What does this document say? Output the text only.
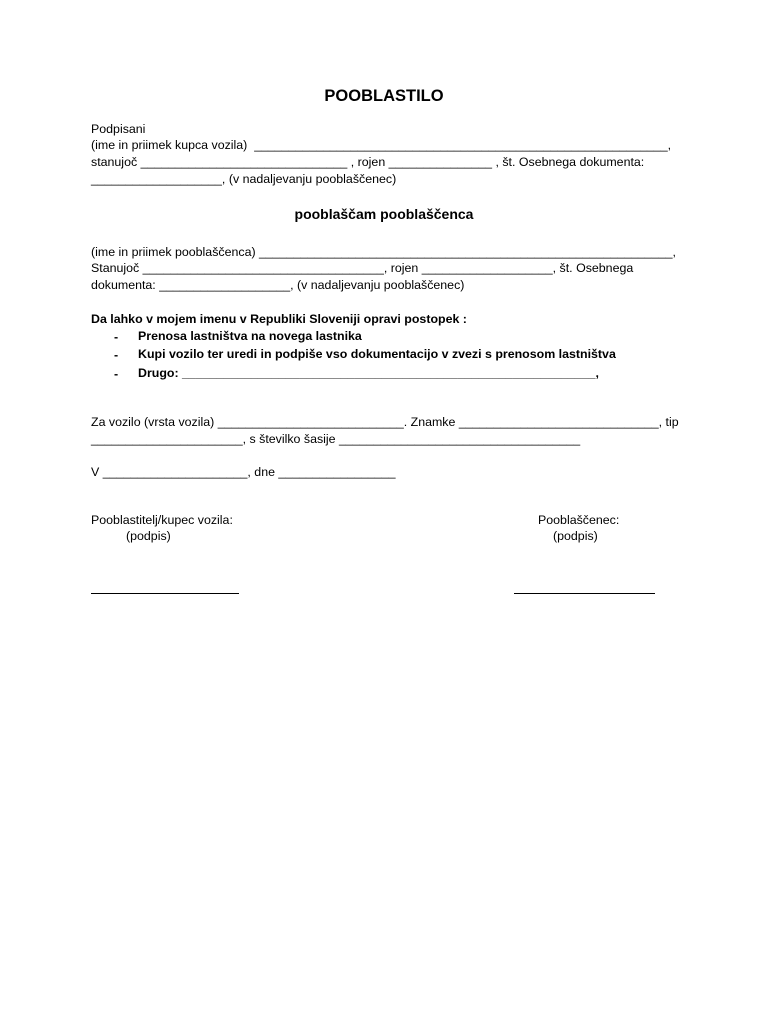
POOBLASTILO
Podpisani
(ime in priimek kupca vozila)  ____________________________________________________________,
stanujoč ______________________________ , rojen _______________ , št. Osebnega dokumenta:
___________________, (v nadaljevanju pooblaščenec)
pooblaščam pooblaščenca
(ime in priimek pooblaščenca) ____________________________________________________________,
Stanujoč ___________________________________, rojen ___________________, št. Osebnega
dokumenta: ___________________, (v nadaljevanju pooblaščenec)
Da lahko v mojem imenu v Republiki Sloveniji opravi postopek :
- Prenosa lastništva na novega lastnika
- Kupi vozilo ter uredi in podpiše vso dokumentacijo v zvezi s prenosom lastništva
- Drugo: ____________________________________________________________,
Za vozilo (vrsta vozila) ___________________________. Znamke _____________________________, tip
______________________, s številko šasije ___________________________________
V _____________________, dne _________________
Pooblastitelj/kupec vozila:
(podpis)
Pooblaščenec:
(podpis)
